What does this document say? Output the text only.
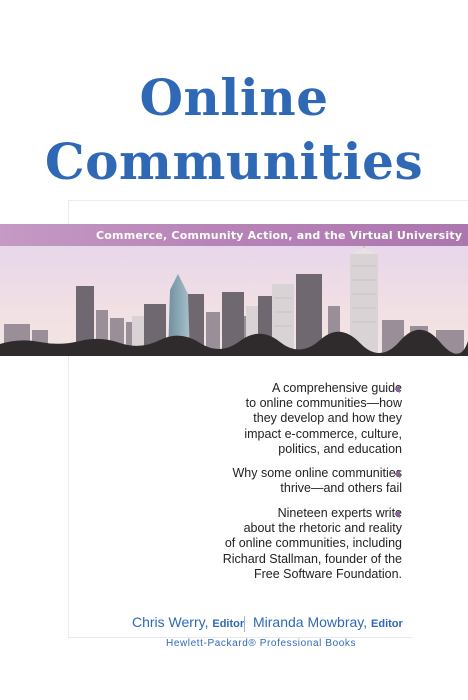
Online
Communities
Commerce, Community Action, and the Virtual University
A comprehensive guide
to online communities—how
they develop and how they
impact e-commerce, culture,
politics, and education
Why some online communities
thrive—and others fail
Nineteen experts write
about the rhetoric and reality
of online communities, including
Richard Stallman, founder of the
Free Software Foundation.
Chris Werry, Editor Miranda Mowbray, Editor
Hewlett-Packard® Professional Books
